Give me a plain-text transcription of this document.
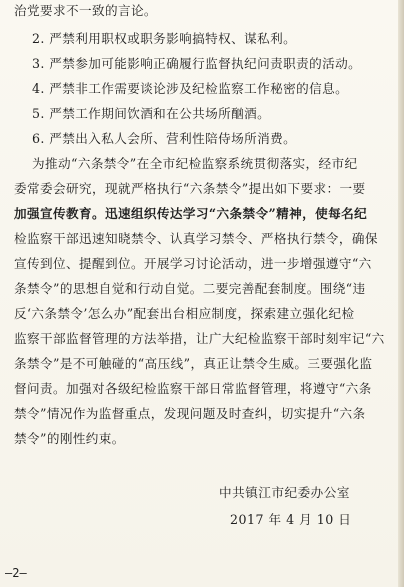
治党要求不一致的言论。
2. 严禁利用职权或职务影响搞特权、谋私利。
3. 严禁参加可能影响正确履行监督执纪问责职责的活动。
4. 严禁非工作需要谈论涉及纪检监察工作秘密的信息。
5. 严禁工作期间饮酒和在公共场所酗酒。
6. 严禁出入私人会所、营利性陪侍场所消费。
为推动“六条禁令”在全市纪检监察系统贯彻落实，经市纪
委常委会研究，现就严格执行“六条禁令”提出如下要求：一要
加强宣传教育。迅速组织传达学习“六条禁令”精神，使每名纪
检监察干部迅速知晓禁令、认真学习禁令、严格执行禁令，确保
宣传到位、提醒到位。开展学习讨论活动，进一步增强遵守“六
条禁令”的思想自觉和行动自觉。二要完善配套制度。围绕“违
反‘六条禁令’怎么办”配套出台相应制度，探索建立强化纪检
监察干部监督管理的方法举措，让广大纪检监察干部时刻牢记“六
条禁令”是不可触碰的“高压线”，真正让禁令生威。三要强化监
督问责。加强对各级纪检监察干部日常监督管理，将遵守“六条
禁令”情况作为监督重点，发现问题及时查纠，切实提升“六条
禁令”的刚性约束。
中共镇江市纪委办公室
2017 年 4 月 10 日
—2—
